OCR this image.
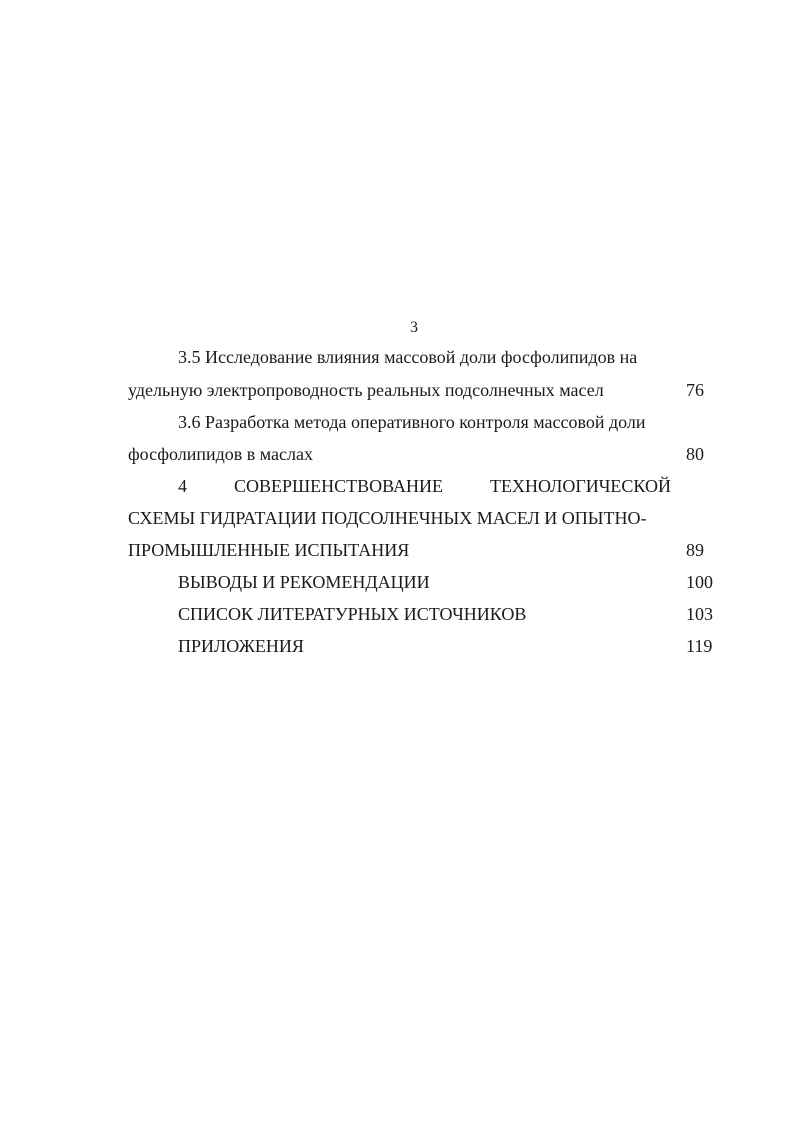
3
3.5 Исследование влияния массовой доли фосфолипидов на
удельную электропроводность реальных подсолнечных масел	76
3.6 Разработка метода оперативного контроля массовой доли
фосфолипидов в маслах	80
4	СОВЕРШЕНСТВОВАНИЕ	ТЕХНОЛОГИЧЕСКОЙ
СХЕМЫ ГИДРАТАЦИИ ПОДСОЛНЕЧНЫХ МАСЕЛ И ОПЫТНО-
ПРОМЫШЛЕННЫЕ ИСПЫТАНИЯ	89
ВЫВОДЫ И РЕКОМЕНДАЦИИ	100
СПИСОК ЛИТЕРАТУРНЫХ ИСТОЧНИКОВ	103
ПРИЛОЖЕНИЯ	119
